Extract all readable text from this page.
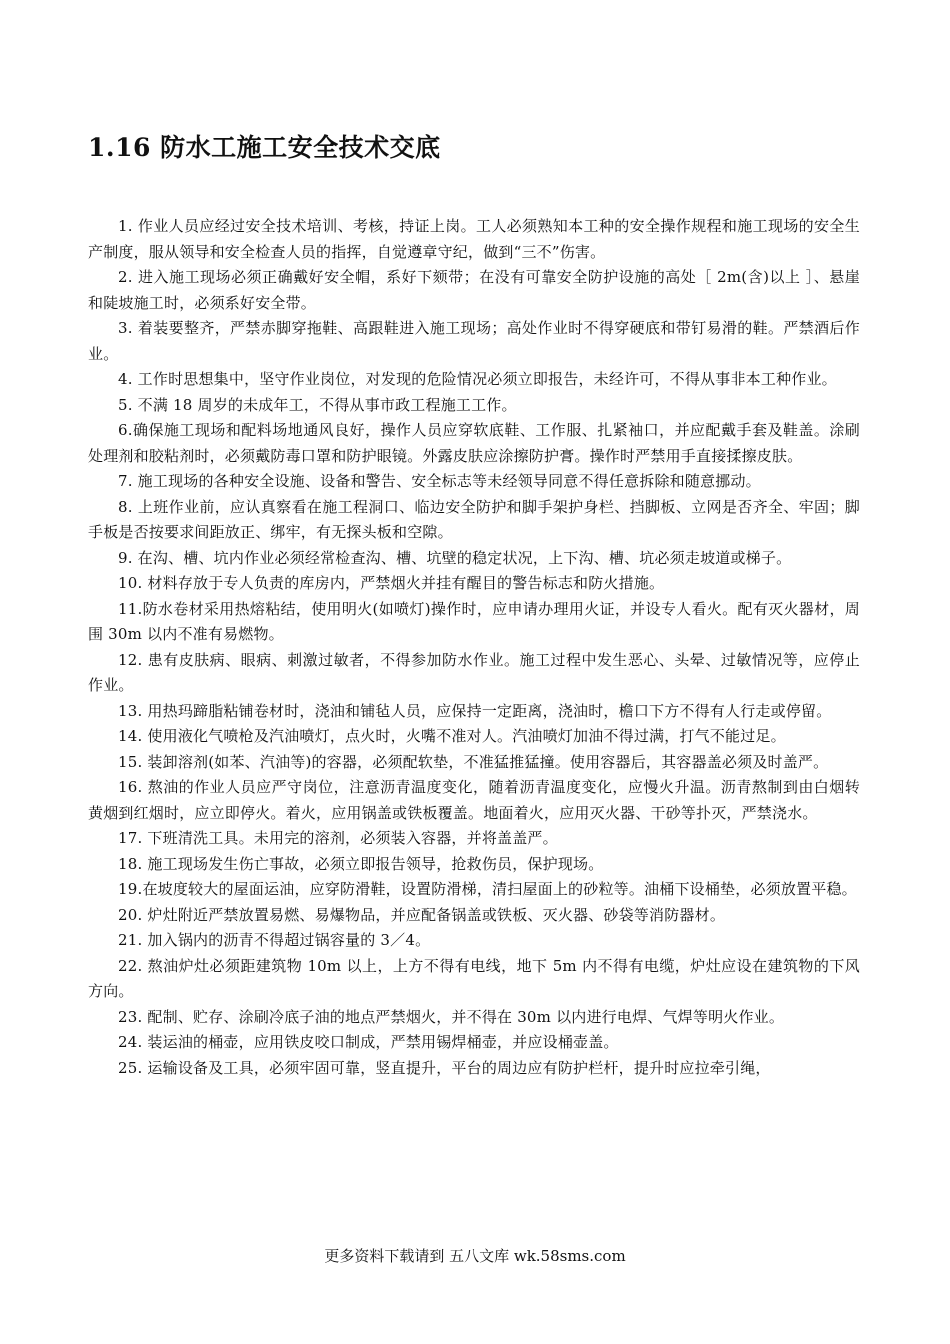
1.16 防水工施工安全技术交底

1. 作业人员应经过安全技术培训、考核，持证上岗。工人必须熟知本工种的安全操作规程和施工现场的安全生产制度，服从领导和安全检查人员的指挥，自觉遵章守纪，做到“三不”伤害。

2. 进入施工现场必须正确戴好安全帽，系好下颏带；在没有可靠安全防护设施的高处［ 2m(含)以上 ］、悬崖和陡坡施工时，必须系好安全带。

3. 着装要整齐，严禁赤脚穿拖鞋、高跟鞋进入施工现场；高处作业时不得穿硬底和带钉易滑的鞋。严禁酒后作业。

4. 工作时思想集中，坚守作业岗位，对发现的危险情况必须立即报告，未经许可，不得从事非本工种作业。

5. 不满 18 周岁的未成年工，不得从事市政工程施工工作。

6.确保施工现场和配料场地通风良好，操作人员应穿软底鞋、工作服、扎紧袖口，并应配戴手套及鞋盖。涂刷处理剂和胶粘剂时，必须戴防毒口罩和防护眼镜。外露皮肤应涂擦防护膏。操作时严禁用手直接揉擦皮肤。

7. 施工现场的各种安全设施、设备和警告、安全标志等未经领导同意不得任意拆除和随意挪动。

8. 上班作业前，应认真察看在施工程洞口、临边安全防护和脚手架护身栏、挡脚板、立网是否齐全、牢固；脚手板是否按要求间距放正、绑牢，有无探头板和空隙。

9. 在沟、槽、坑内作业必须经常检查沟、槽、坑壁的稳定状况，上下沟、槽、坑必须走坡道或梯子。

10. 材料存放于专人负责的库房内，严禁烟火并挂有醒目的警告标志和防火措施。

11.防水卷材采用热熔粘结，使用明火(如喷灯)操作时，应申请办理用火证，并设专人看火。配有灭火器材，周围 30m 以内不准有易燃物。

12. 患有皮肤病、眼病、刺激过敏者，不得参加防水作业。施工过程中发生恶心、头晕、过敏情况等，应停止作业。

13. 用热玛蹄脂粘铺卷材时，浇油和铺毡人员，应保持一定距离，浇油时，檐口下方不得有人行走或停留。

14. 使用液化气喷枪及汽油喷灯，点火时，火嘴不准对人。汽油喷灯加油不得过满，打气不能过足。

15. 装卸溶剂(如苯、汽油等)的容器，必须配软垫，不准猛推猛撞。使用容器后，其容器盖必须及时盖严。

16. 熬油的作业人员应严守岗位，注意沥青温度变化，随着沥青温度变化，应慢火升温。沥青熬制到由白烟转黄烟到红烟时，应立即停火。着火，应用锅盖或铁板覆盖。地面着火，应用灭火器、干砂等扑灭，严禁浇水。

17. 下班清洗工具。未用完的溶剂，必须装入容器，并将盖盖严。

18. 施工现场发生伤亡事故，必须立即报告领导，抢救伤员，保护现场。

19.在坡度较大的屋面运油，应穿防滑鞋，设置防滑梯，清扫屋面上的砂粒等。油桶下设桶垫，必须放置平稳。

20. 炉灶附近严禁放置易燃、易爆物品，并应配备锅盖或铁板、灭火器、砂袋等消防器材。

21. 加入锅内的沥青不得超过锅容量的 3／4。

22. 熬油炉灶必须距建筑物 10m 以上，上方不得有电线，地下 5m 内不得有电缆，炉灶应设在建筑物的下风方向。

23. 配制、贮存、涂刷冷底子油的地点严禁烟火，并不得在 30m 以内进行电焊、气焊等明火作业。

24. 装运油的桶壶，应用铁皮咬口制成，严禁用锡焊桶壶，并应设桶壶盖。

25. 运输设备及工具，必须牢固可靠，竖直提升，平台的周边应有防护栏杆，提升时应拉牵引绳，

更多资料下载请到 五八文库 wk.58sms.com
